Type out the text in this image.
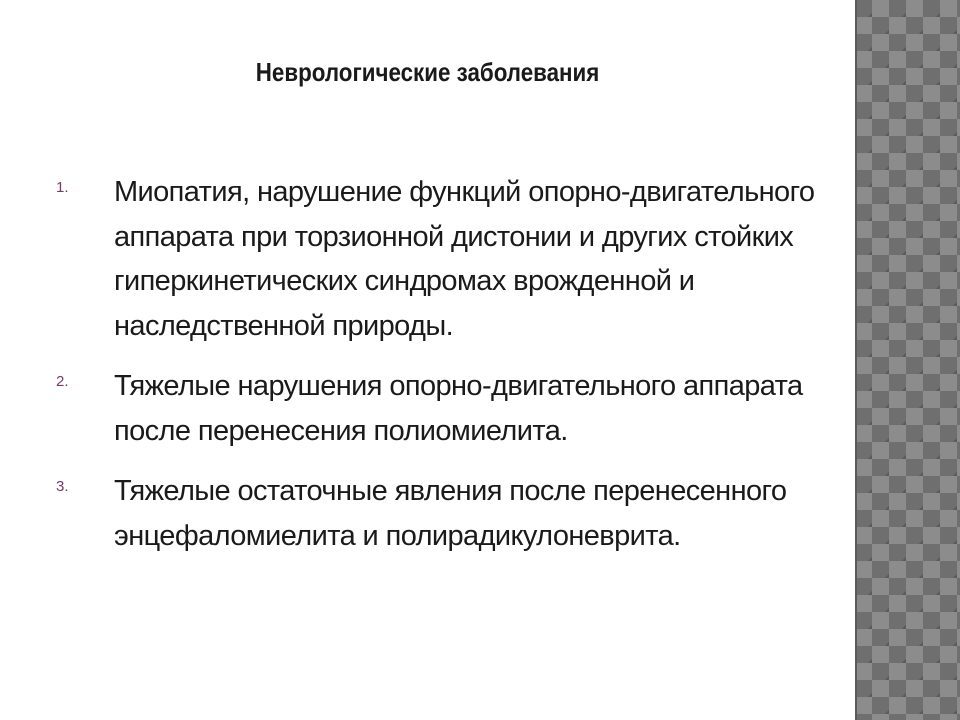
Неврологические заболевания
1.	Миопатия, нарушение функций опорно-двигательного аппарата при торзионной дистонии и других стойких гиперкинетических синдромах врожденной и наследственной природы.
2.	Тяжелые нарушения опорно-двигательного аппарата после перенесения полиомиелита.
3.	Тяжелые остаточные явления после перенесенного энцефаломиелита и полирадикулоневрита.
